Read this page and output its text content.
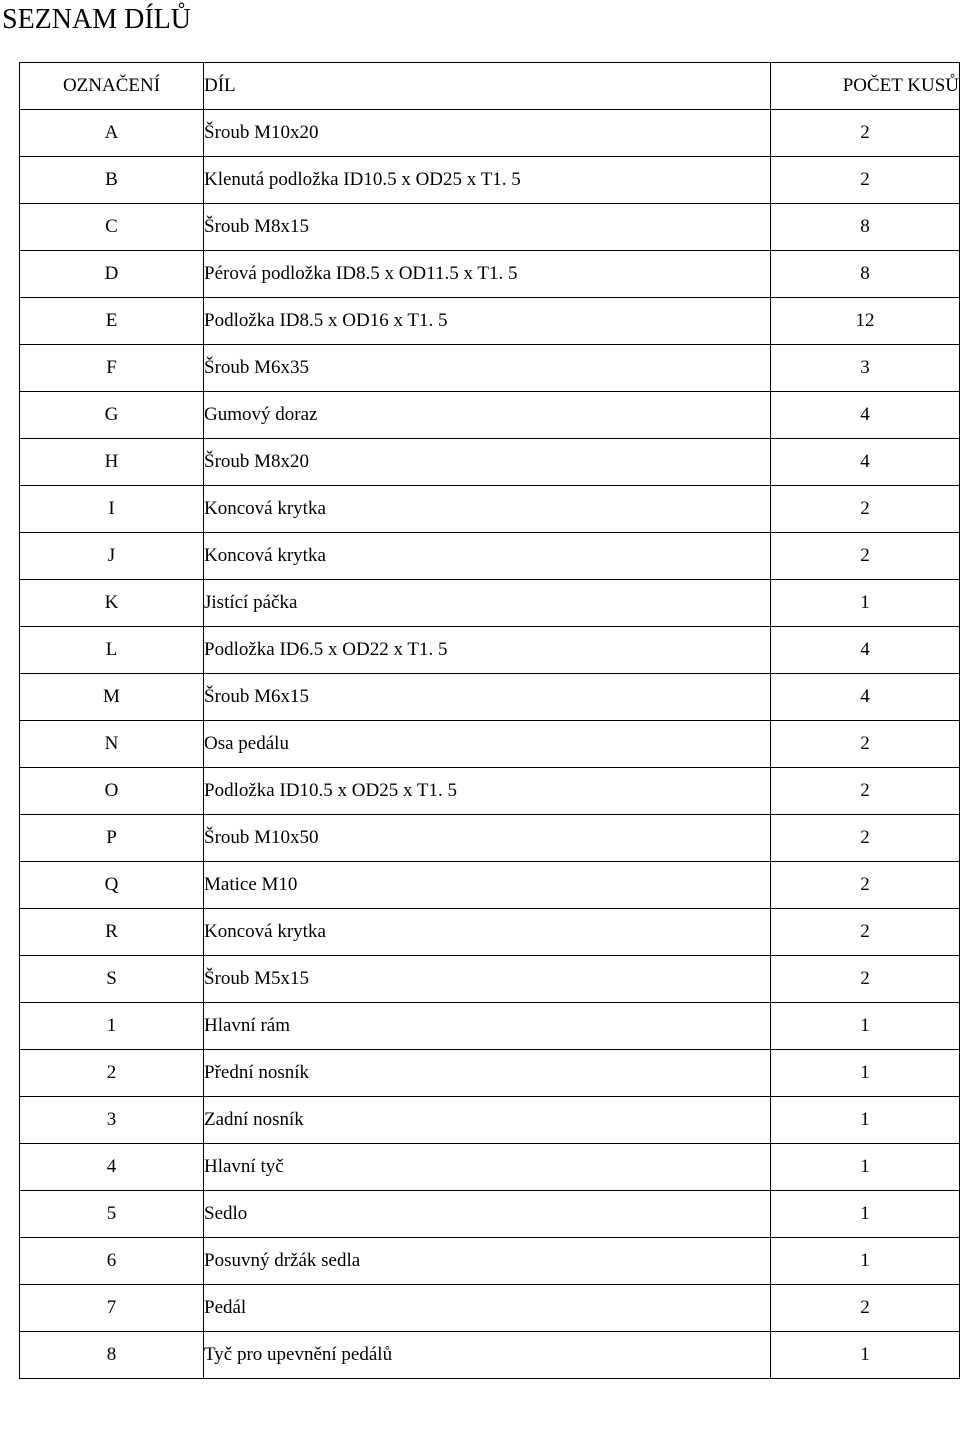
SEZNAM DÍLŮ
OZNAČENÍ	DÍL	POČET KUSŮ
A	Šroub M10x20	2
B	Klenutá podložka ID10.5 x OD25 x T1. 5	2
C	Šroub M8x15	8
D	Pérová podložka ID8.5 x OD11.5 x T1. 5	8
E	Podložka ID8.5 x OD16 x T1. 5	12
F	Šroub M6x35	3
G	Gumový doraz	4
H	Šroub M8x20	4
I	Koncová krytka	2
J	Koncová krytka	2
K	Jistící páčka	1
L	Podložka ID6.5 x OD22 x T1. 5	4
M	Šroub M6x15	4
N	Osa pedálu	2
O	Podložka ID10.5 x OD25 x T1. 5	2
P	Šroub M10x50	2
Q	Matice M10	2
R	Koncová krytka	2
S	Šroub M5x15	2
1	Hlavní rám	1
2	Přední nosník	1
3	Zadní nosník	1
4	Hlavní tyč	1
5	Sedlo	1
6	Posuvný držák sedla	1
7	Pedál	2
8	Tyč pro upevnění pedálů	1
